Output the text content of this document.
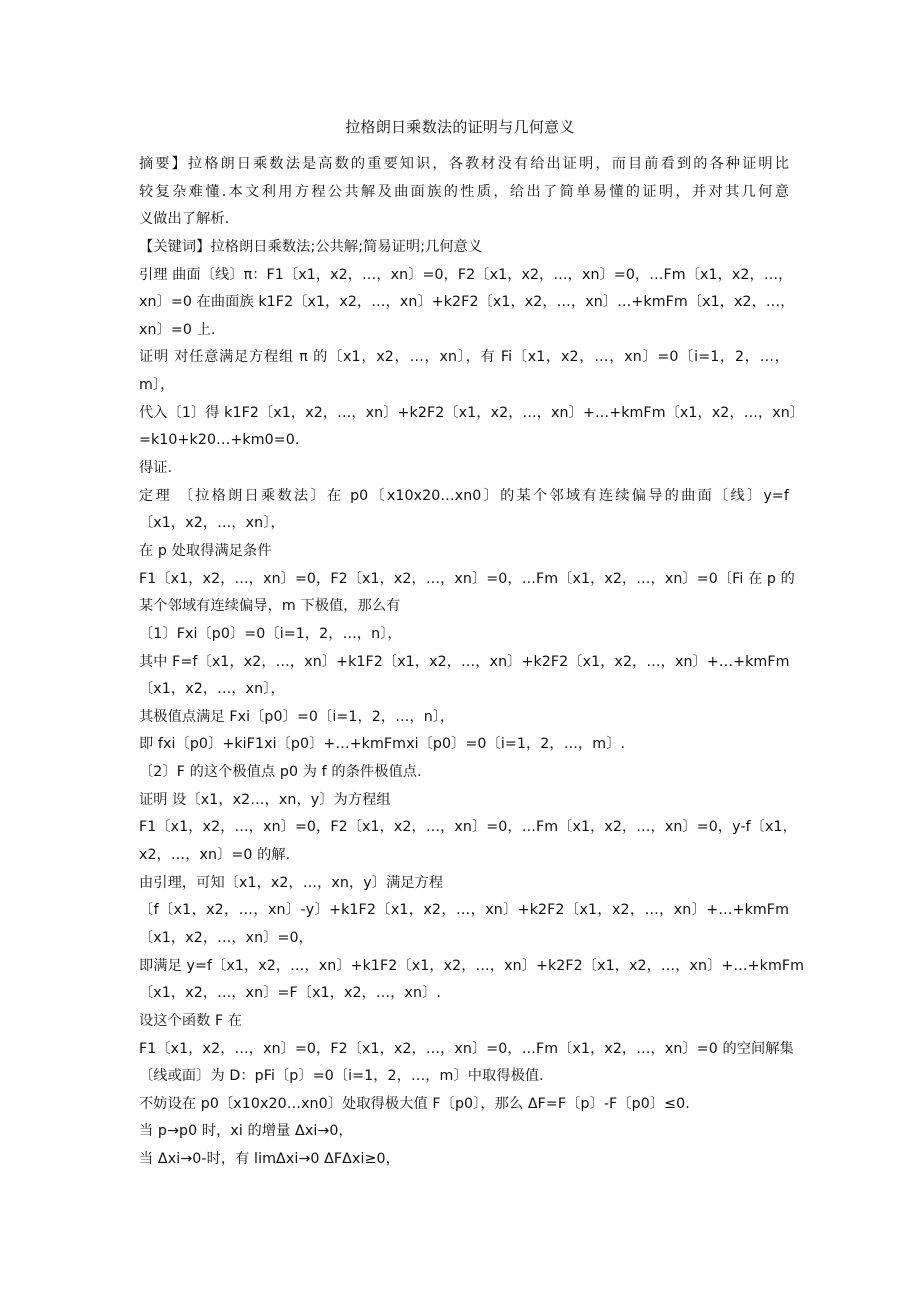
拉格朗日乘数法的证明与几何意义
摘要】拉格朗日乘数法是高数的重要知识，各教材没有给出证明，而目前看到的各种证明比
较复杂难懂.本文利用方程公共解及曲面族的性质，给出了简单易懂的证明，并对其几何意
义做出了解析.
【关键词】拉格朗日乘数法;公共解;简易证明;几何意义
引理 曲面〔线〕π：F1〔x1，x2，…，xn〕=0，F2〔x1，x2，…，xn〕=0，…Fm〔x1，x2，…，
xn〕=0 在曲面族 k1F2〔x1，x2，…，xn〕+k2F2〔x1，x2，…，xn〕…+kmFm〔x1，x2，…，
xn〕=0 上.
证明 对任意满足方程组 π 的〔x1，x2，…，xn〕，有 Fi〔x1，x2，…，xn〕=0〔i=1，2，…，
m〕，
代入〔1〕得 k1F2〔x1，x2，…，xn〕+k2F2〔x1，x2，…，xn〕+…+kmFm〔x1，x2，…，xn〕
=k10+k20…+km0=0.
得证.
定理 〔拉格朗日乘数法〕在 p0〔x10x20…xn0〕的某个邻域有连续偏导的曲面〔线〕y=f
〔x1，x2，…，xn〕，
在 p 处取得满足条件
F1〔x1，x2，…，xn〕=0，F2〔x1，x2，…，xn〕=0，…Fm〔x1，x2，…，xn〕=0〔Fi 在 p 的
某个邻域有连续偏导，m 下极值，那么有
〔1〕Fxi〔p0〕=0〔i=1，2，…，n〕，
其中 F=f〔x1，x2，…，xn〕+k1F2〔x1，x2，…，xn〕+k2F2〔x1，x2，…，xn〕+…+kmFm
〔x1，x2，…，xn〕，
其极值点满足 Fxi〔p0〕=0〔i=1，2，…，n〕，
即 fxi〔p0〕+kiF1xi〔p0〕+…+kmFmxi〔p0〕=0〔i=1，2，…，m〕.
〔2〕F 的这个极值点 p0 为 f 的条件极值点.
证明 设〔x1，x2…，xn，y〕为方程组
F1〔x1，x2，…，xn〕=0，F2〔x1，x2，…，xn〕=0，…Fm〔x1，x2，…，xn〕=0，y-f〔x1，
x2，…，xn〕=0 的解.
由引理，可知〔x1，x2，…，xn，y〕满足方程
〔f〔x1，x2，…，xn〕-y〕+k1F2〔x1，x2，…，xn〕+k2F2〔x1，x2，…，xn〕+…+kmFm
〔x1，x2，…，xn〕=0，
即满足 y=f〔x1，x2，…，xn〕+k1F2〔x1，x2，…，xn〕+k2F2〔x1，x2，…，xn〕+…+kmFm
〔x1，x2，…，xn〕=F〔x1，x2，…，xn〕.
设这个函数 F 在
F1〔x1，x2，…，xn〕=0，F2〔x1，x2，…，xn〕=0，…Fm〔x1，x2，…，xn〕=0 的空间解集
〔线或面〕为 D：pFi〔p〕=0〔i=1，2，…，m〕中取得极值.
不妨设在 p0〔x10x20…xn0〕处取得极大值 F〔p0〕，那么 ΔF=F〔p〕-F〔p0〕≤0.
当 p→p0 时，xi 的增量 Δxi→0，
当 Δxi→0-时，有 limΔxi→0 ΔFΔxi≥0，
